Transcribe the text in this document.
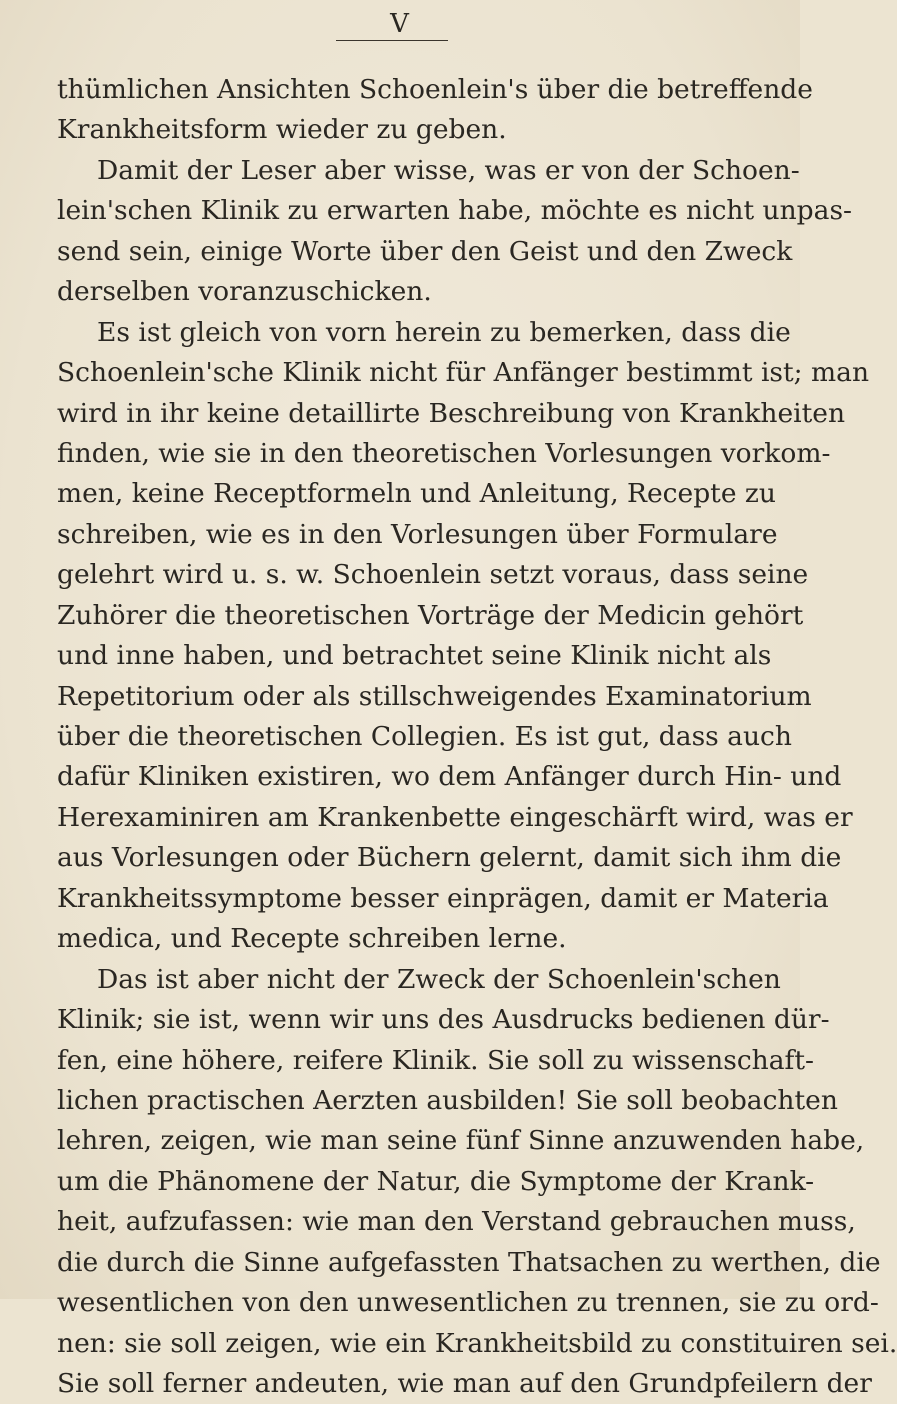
V
thümlichen Ansichten Schoenlein's über die betreffende
Krankheitsform wieder zu geben.
Damit der Leser aber wisse, was er von der Schoen-
lein'schen Klinik zu erwarten habe, möchte es nicht unpas-
send sein, einige Worte über den Geist und den Zweck
derselben voranzuschicken.
Es ist gleich von vorn herein zu bemerken, dass die
Schoenlein'sche Klinik nicht für Anfänger bestimmt ist; man
wird in ihr keine detaillirte Beschreibung von Krankheiten
finden, wie sie in den theoretischen Vorlesungen vorkom-
men, keine Receptformeln und Anleitung, Recepte zu
schreiben, wie es in den Vorlesungen über Formulare
gelehrt wird u. s. w. Schoenlein setzt voraus, dass seine
Zuhörer die theoretischen Vorträge der Medicin gehört
und inne haben, und betrachtet seine Klinik nicht als
Repetitorium oder als stillschweigendes Examinatorium
über die theoretischen Collegien. Es ist gut, dass auch
dafür Kliniken existiren, wo dem Anfänger durch Hin- und
Herexaminiren am Krankenbette eingeschärft wird, was er
aus Vorlesungen oder Büchern gelernt, damit sich ihm die
Krankheitssymptome besser einprägen, damit er Materia
medica, und Recepte schreiben lerne.
Das ist aber nicht der Zweck der Schoenlein'schen
Klinik; sie ist, wenn wir uns des Ausdrucks bedienen dür-
fen, eine höhere, reifere Klinik. Sie soll zu wissenschaft-
lichen practischen Aerzten ausbilden! Sie soll beobachten
lehren, zeigen, wie man seine fünf Sinne anzuwenden habe,
um die Phänomene der Natur, die Symptome der Krank-
heit, aufzufassen: wie man den Verstand gebrauchen muss,
die durch die Sinne aufgefassten Thatsachen zu werthen, die
wesentlichen von den unwesentlichen zu trennen, sie zu ord-
nen: sie soll zeigen, wie ein Krankheitsbild zu constituiren sei.
Sie soll ferner andeuten, wie man auf den Grundpfeilern der
